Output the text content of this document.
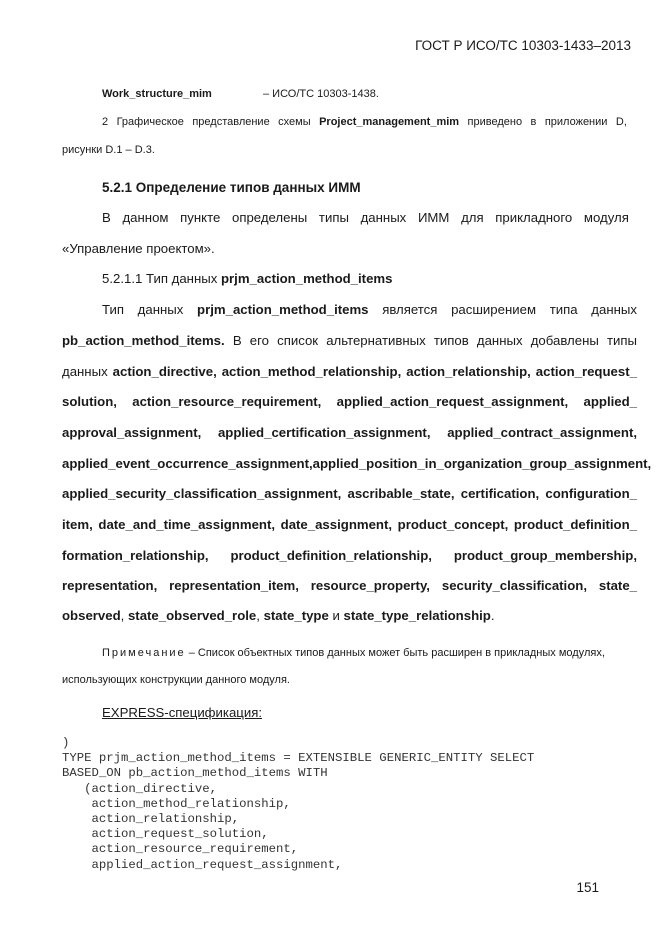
ГОСТ Р ИСО/ТС 10303-1433–2013
Work_structure_mim	– ИСО/ТС 10303-1438.
2 Графическое представление схемы Project_management_mim приведено в приложении D,
рисунки D.1 – D.3.
5.2.1 Определение типов данных ИММ
В данном пункте определены типы данных ИММ для прикладного модуля
«Управление проектом».
5.2.1.1 Тип данных prjm_action_method_items
Тип данных prjm_action_method_items является расширением типа данных
pb_action_method_items. В его список альтернативных типов данных добавлены типы
данных action_directive, action_method_relationship, action_relationship, action_request_
solution, action_resource_requirement, applied_action_request_assignment, applied_
approval_assignment, applied_certification_assignment, applied_contract_assignment,
applied_event_occurrence_assignment, applied_position_in_organization_group_assignment,
applied_security_classification_assignment, ascribable_state, certification, configuration_
item, date_and_time_assignment, date_assignment, product_concept, product_definition_
formation_relationship, product_definition_relationship, product_group_membership,
representation, representation_item, resource_property, security_classification, state_
observed, state_observed_role, state_type и state_type_relationship.
Примечание – Список объектных типов данных может быть расширен в прикладных модулях,
использующих конструкции данного модуля.
EXPRESS-спецификация:
)
TYPE prjm_action_method_items = EXTENSIBLE GENERIC_ENTITY SELECT
BASED_ON pb_action_method_items WITH
(action_directive,
action_method_relationship,
action_relationship,
action_request_solution,
action_resource_requirement,
applied_action_request_assignment,
151
